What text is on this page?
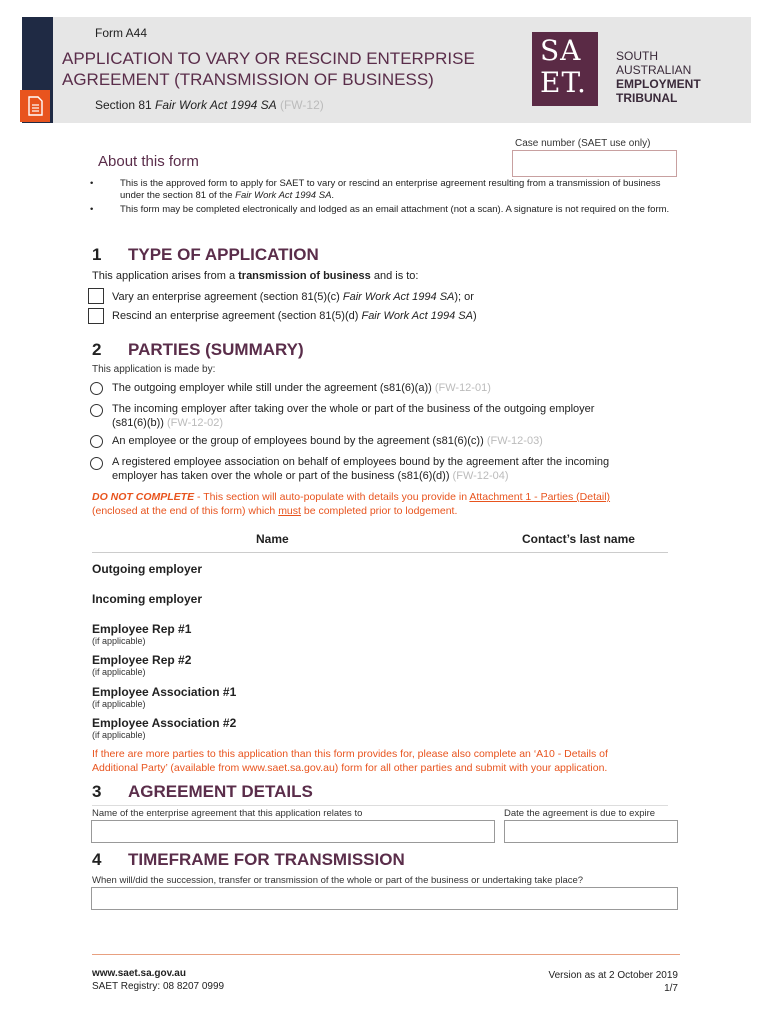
Form A44
APPLICATION TO VARY OR RESCIND ENTERPRISE
AGREEMENT (TRANSMISSION OF BUSINESS)
Section 81 Fair Work Act 1994 SA (FW-12)
SA
ET.
SOUTH
AUSTRALIAN
EMPLOYMENT
TRIBUNAL
Case number (SAET use only)
About this form
• This is the approved form to apply for SAET to vary or rescind an enterprise agreement resulting from a transmission of business under the section 81 of the Fair Work Act 1994 SA.
• This form may be completed electronically and lodged as an email attachment (not a scan). A signature is not required on the form.
1 TYPE OF APPLICATION
This application arises from a transmission of business and is to:
Vary an enterprise agreement (section 81(5)(c) Fair Work Act 1994 SA); or
Rescind an enterprise agreement (section 81(5)(d) Fair Work Act 1994 SA)
2 PARTIES (SUMMARY)
This application is made by:
The outgoing employer while still under the agreement (s81(6)(a)) (FW-12-01)
The incoming employer after taking over the whole or part of the business of the outgoing employer
(s81(6)(b)) (FW-12-02)
An employee or the group of employees bound by the agreement (s81(6)(c)) (FW-12-03)
A registered employee association on behalf of employees bound by the agreement after the incoming
employer has taken over the whole or part of the business (s81(6)(d)) (FW-12-04)
DO NOT COMPLETE - This section will auto-populate with details you provide in Attachment 1 - Parties (Detail)
(enclosed at the end of this form) which must be completed prior to lodgement.
Name	Contact’s last name
Outgoing employer
Incoming employer
Employee Rep #1
(if applicable)
Employee Rep #2
(if applicable)
Employee Association #1
(if applicable)
Employee Association #2
(if applicable)
If there are more parties to this application than this form provides for, please also complete an ‘A10 - Details of
Additional Party’ (available from www.saet.sa.gov.au) form for all other parties and submit with your application.
3 AGREEMENT DETAILS
Name of the enterprise agreement that this application relates to	Date the agreement is due to expire
4 TIMEFRAME FOR TRANSMISSION
When will/did the succession, transfer or transmission of the whole or part of the business or undertaking take place?
www.saet.sa.gov.au
SAET Registry: 08 8207 0999
Version as at 2 October 2019
1/7
